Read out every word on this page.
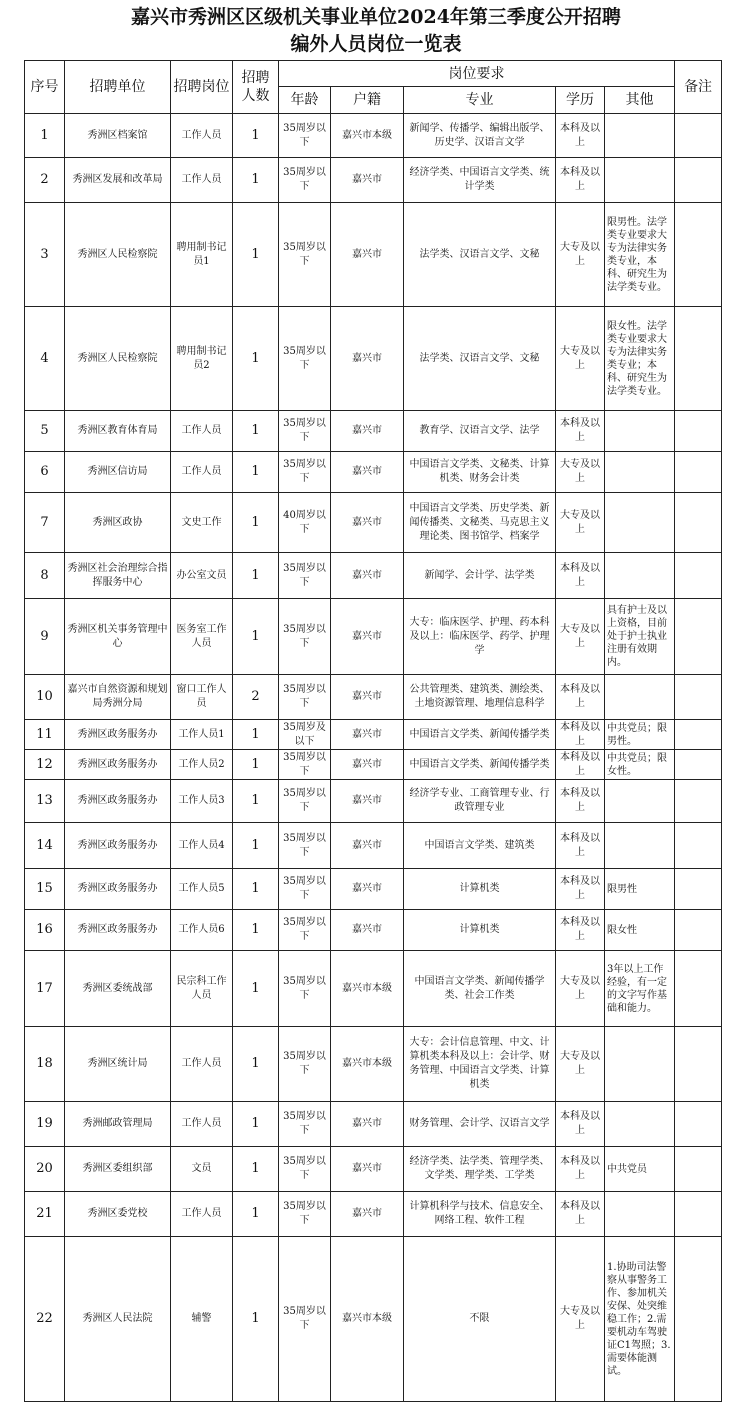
嘉兴市秀洲区区级机关事业单位2024年第三季度公开招聘
编外人员岗位一览表
序号	招聘单位	招聘岗位	招聘人数	岗位要求					备注
				年龄	户籍	专业	学历	其他	
1	秀洲区档案馆	工作人员	1	35周岁以下	嘉兴市本级	新闻学、传播学、编辑出版学、历史学、汉语言文学	本科及以上		
2	秀洲区发展和改革局	工作人员	1	35周岁以下	嘉兴市	经济学类、中国语言文学类、统计学类	本科及以上		
3	秀洲区人民检察院	聘用制书记员1	1	35周岁以下	嘉兴市	法学类、汉语言文学、文秘	大专及以上	限男性。法学类专业要求大专为法律实务类专业，本科、研究生为法学类专业。	
4	秀洲区人民检察院	聘用制书记员2	1	35周岁以下	嘉兴市	法学类、汉语言文学、文秘	大专及以上	限女性。法学类专业要求大专为法律实务类专业；本科、研究生为法学类专业。	
5	秀洲区教育体育局	工作人员	1	35周岁以下	嘉兴市	教育学、汉语言文学、法学	本科及以上		
6	秀洲区信访局	工作人员	1	35周岁以下	嘉兴市	中国语言文学类、文秘类、计算机类、财务会计类	大专及以上		
7	秀洲区政协	文史工作	1	40周岁以下	嘉兴市	中国语言文学类、历史学类、新闻传播类、文秘类、马克思主义理论类、图书馆学、档案学	大专及以上		
8	秀洲区社会治理综合指挥服务中心	办公室文员	1	35周岁以下	嘉兴市	新闻学、会计学、法学类	本科及以上		
9	秀洲区机关事务管理中心	医务室工作人员	1	35周岁以下	嘉兴市	大专：临床医学、护理、药本科及以上：临床医学、药学、护理学	大专及以上	具有护士及以上资格，目前处于护士执业注册有效期内。	
10	嘉兴市自然资源和规划局秀洲分局	窗口工作人员	2	35周岁以下	嘉兴市	公共管理类、建筑类、测绘类、土地资源管理、地理信息科学	本科及以上		
11	秀洲区政务服务办	工作人员1	1	35周岁及以下	嘉兴市	中国语言文学类、新闻传播学类	本科及以上	中共党员；限男性。	
12	秀洲区政务服务办	工作人员2	1	35周岁以下	嘉兴市	中国语言文学类、新闻传播学类	本科及以上	中共党员；限女性。	
13	秀洲区政务服务办	工作人员3	1	35周岁以下	嘉兴市	经济学专业、工商管理专业、行政管理专业	本科及以上		
14	秀洲区政务服务办	工作人员4	1	35周岁以下	嘉兴市	中国语言文学类、建筑类	本科及以上		
15	秀洲区政务服务办	工作人员5	1	35周岁以下	嘉兴市	计算机类	本科及以上	限男性	
16	秀洲区政务服务办	工作人员6	1	35周岁以下	嘉兴市	计算机类	本科及以上	限女性	
17	秀洲区委统战部	民宗科工作人员	1	35周岁以下	嘉兴市本级	中国语言文学类、新闻传播学类、社会工作类	大专及以上	3年以上工作经验，有一定的文字写作基础和能力。	
18	秀洲区统计局	工作人员	1	35周岁以下	嘉兴市本级	大专：会计信息管理、中文、计算机类本科及以上：会计学、财务管理、中国语言文学类、计算机类	大专及以上		
19	秀洲邮政管理局	工作人员	1	35周岁以下	嘉兴市	财务管理、会计学、汉语言文学	本科及以上		
20	秀洲区委组织部	文员	1	35周岁以下	嘉兴市	经济学类、法学类、管理学类、文学类、理学类、工学类	本科及以上	中共党员	
21	秀洲区委党校	工作人员	1	35周岁以下	嘉兴市	计算机科学与技术、信息安全、网络工程、软件工程	本科及以上		
22	秀洲区人民法院	辅警	1	35周岁以下	嘉兴市本级	不限	大专及以上	1.协助司法警察从事警务工作、参加机关安保、处突维稳工作；2.需要机动车驾驶证C1驾照；3.需要体能测试。	
